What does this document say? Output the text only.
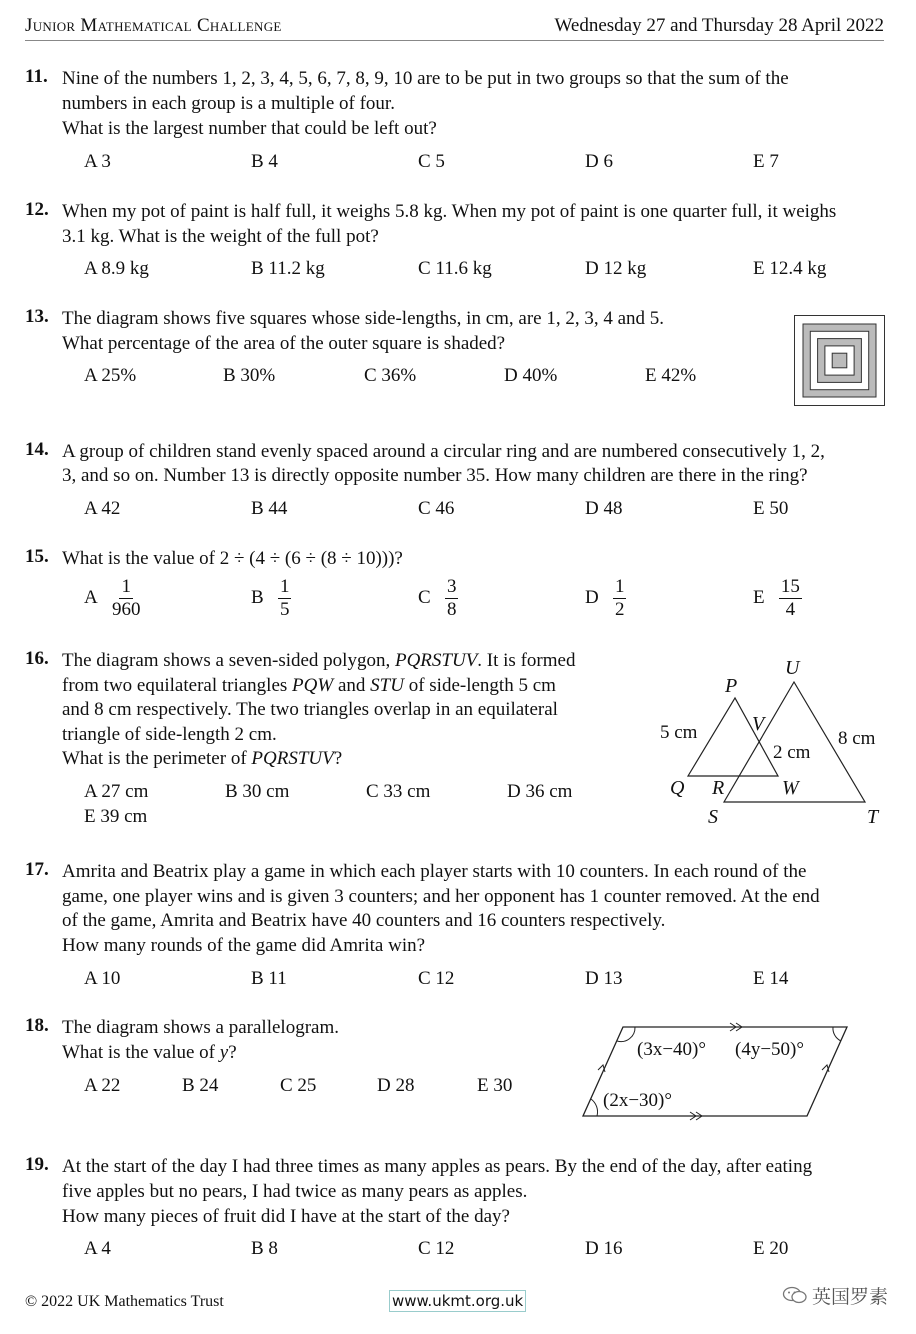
Junior Mathematical Challenge	Wednesday 27 and Thursday 28 April 2022
11. Nine of the numbers 1, 2, 3, 4, 5, 6, 7, 8, 9, 10 are to be put in two groups so that the sum of the
numbers in each group is a multiple of four.
What is the largest number that could be left out?
A 3	B 4	C 5	D 6	E 7
12. When my pot of paint is half full, it weighs 5.8 kg. When my pot of paint is one quarter full, it weighs
3.1 kg. What is the weight of the full pot?
A 8.9 kg	B 11.2 kg	C 11.6 kg	D 12 kg	E 12.4 kg
13. The diagram shows five squares whose side-lengths, in cm, are 1, 2, 3, 4 and 5.
What percentage of the area of the outer square is shaded?
A 25%	B 30%	C 36%	D 40%	E 42%
14. A group of children stand evenly spaced around a circular ring and are numbered consecutively 1, 2,
3, and so on. Number 13 is directly opposite number 35. How many children are there in the ring?
A 42	B 44	C 46	D 48	E 50
15. What is the value of 2 ÷ (4 ÷ (6 ÷ (8 ÷ 10)))?
A $\frac{1}{960}$	B $\frac{1}{5}$	C $\frac{3}{8}$	D $\frac{1}{2}$	E $\frac{15}{4}$
16. The diagram shows a seven-sided polygon, PQRSTUV. It is formed
from two equilateral triangles PQW and STU of side-length 5 cm
and 8 cm respectively. The two triangles overlap in an equilateral
triangle of side-length 2 cm.
What is the perimeter of PQRSTUV?
A 27 cm	B 30 cm	C 33 cm	D 36 cm
E 39 cm
P
U
V
Q R	W
S	T
5 cm	8 cm
2 cm
17. Amrita and Beatrix play a game in which each player starts with 10 counters. In each round of the
game, one player wins and is given 3 counters; and her opponent has 1 counter removed. At the end
of the game, Amrita and Beatrix have 40 counters and 16 counters respectively.
How many rounds of the game did Amrita win?
A 10	B 11	C 12	D 13	E 14
18. The diagram shows a parallelogram.
What is the value of y?
A 22	B 24	C 25	D 28	E 30
(3x−40)° (4y−50)°
(2x−30)°
19. At the start of the day I had three times as many apples as pears. By the end of the day, after eating
five apples but no pears, I had twice as many pears as apples.
How many pieces of fruit did I have at the start of the day?
A 4	B 8	C 12	D 16	E 20
© 2022 UK Mathematics Trust	www.ukmt.org.uk	英国罗素
